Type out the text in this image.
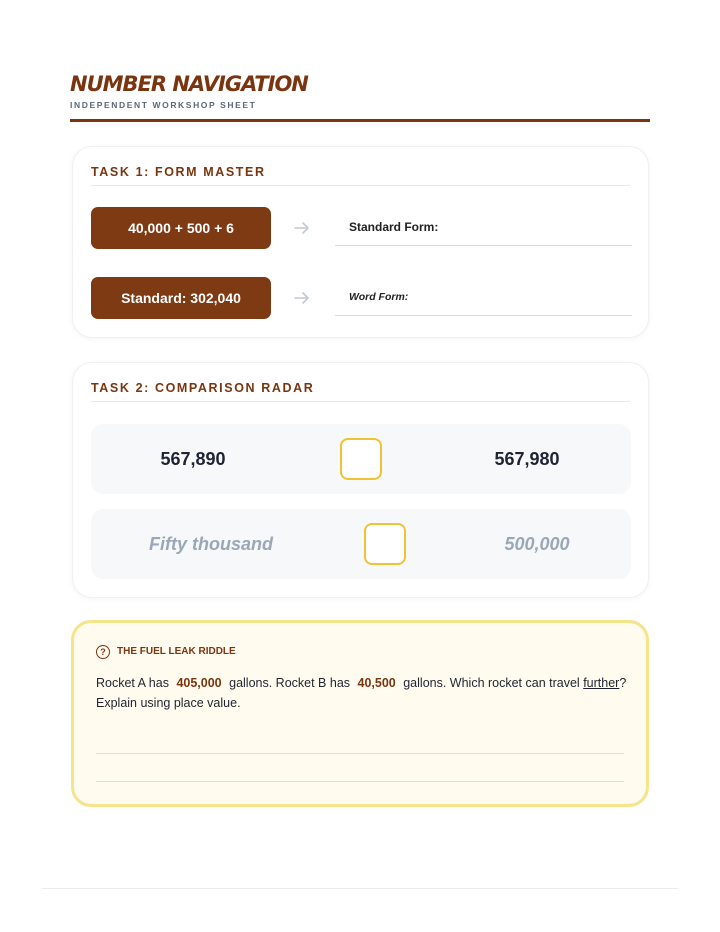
NUMBER NAVIGATION
INDEPENDENT WORKSHOP SHEET
TASK 1: FORM MASTER
40,000 + 500 + 6	Standard Form:
Standard: 302,040	Word Form:
TASK 2: COMPARISON RADAR
567,890	567,980
Fifty thousand	500,000
?	THE FUEL LEAK RIDDLE
Rocket A has 405,000 gallons. Rocket B has 40,500 gallons. Which rocket can travel further? Explain using place value.
